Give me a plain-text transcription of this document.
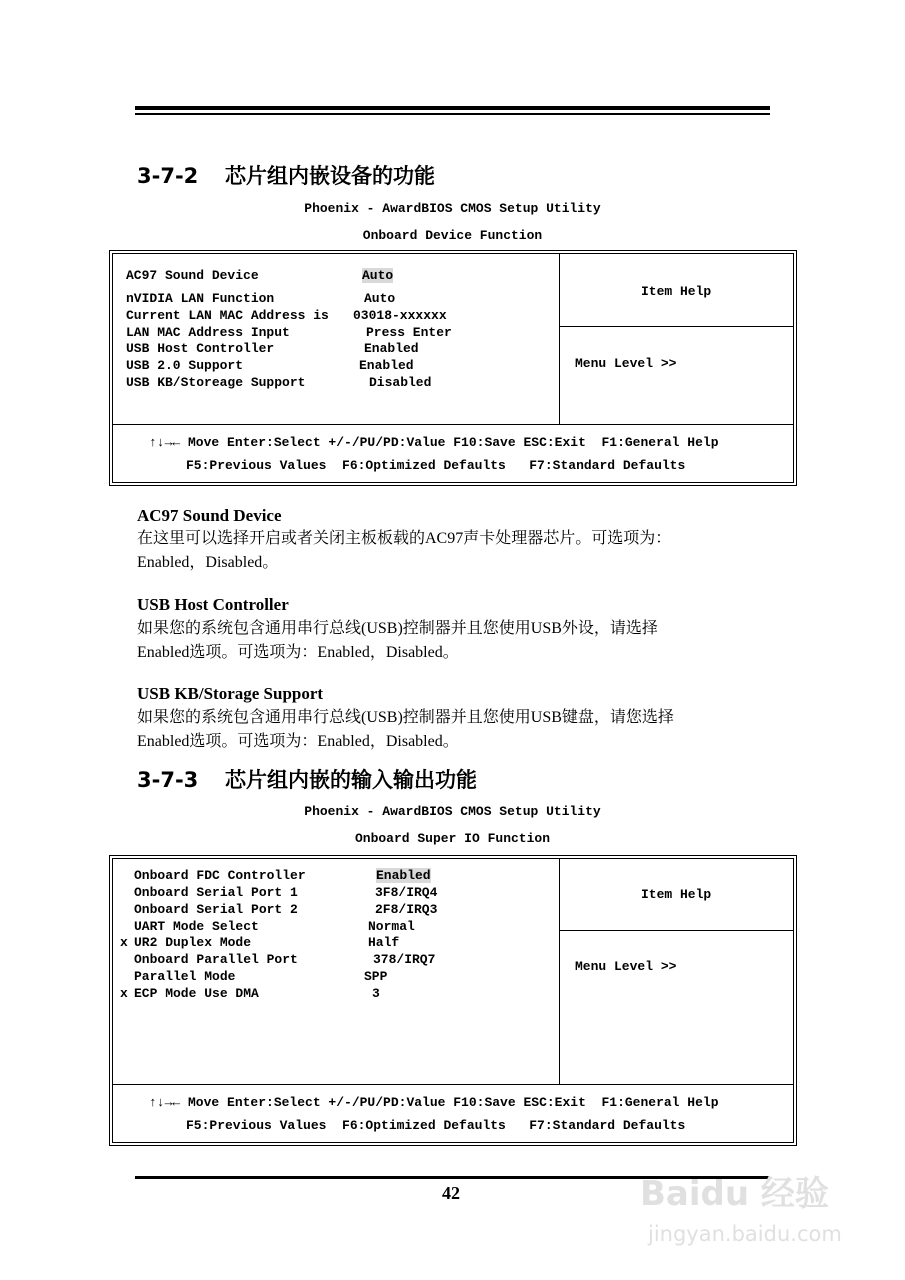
3-7-2 芯片组内嵌设备的功能
Phoenix - AwardBIOS CMOS Setup Utility
Onboard Device Function
AC97 Sound Device	Auto
nVIDIA LAN Function	Auto
Current LAN MAC Address is 03018-xxxxxx
LAN MAC Address Input	Press Enter
USB Host Controller	Enabled
USB 2.0 Support	Enabled
USB KB/Storeage Support	Disabled
Item Help
Menu Level >>
↑↓→← Move Enter:Select +/-/PU/PD:Value F10:Save ESC:Exit  F1:General Help
F5:Previous Values  F6:Optimized Defaults   F7:Standard Defaults
AC97 Sound Device
在这里可以选择开启或者关闭主板板载的AC97声卡处理器芯片。可选项为：
Enabled，Disabled。
USB Host Controller
如果您的系统包含通用串行总线(USB)控制器并且您使用USB外设，请选择
Enabled选项。可选项为：Enabled，Disabled。
USB KB/Storage Support
如果您的系统包含通用串行总线(USB)控制器并且您使用USB键盘，请您选择
Enabled选项。可选项为：Enabled，Disabled。
3-7-3 芯片组内嵌的输入输出功能
Phoenix - AwardBIOS CMOS Setup Utility
Onboard Super IO Function
Onboard FDC Controller	Enabled
Onboard Serial Port 1	3F8/IRQ4
Onboard Serial Port 2	2F8/IRQ3
UART Mode Select	Normal
x UR2 Duplex Mode	Half
Onboard Parallel Port	378/IRQ7
Parallel Mode	SPP
x ECP Mode Use DMA	3
Item Help
Menu Level >>
↑↓→← Move Enter:Select +/-/PU/PD:Value F10:Save ESC:Exit  F1:General Help
F5:Previous Values  F6:Optimized Defaults   F7:Standard Defaults
42	Baidu 经验
jingyan.baidu.com
